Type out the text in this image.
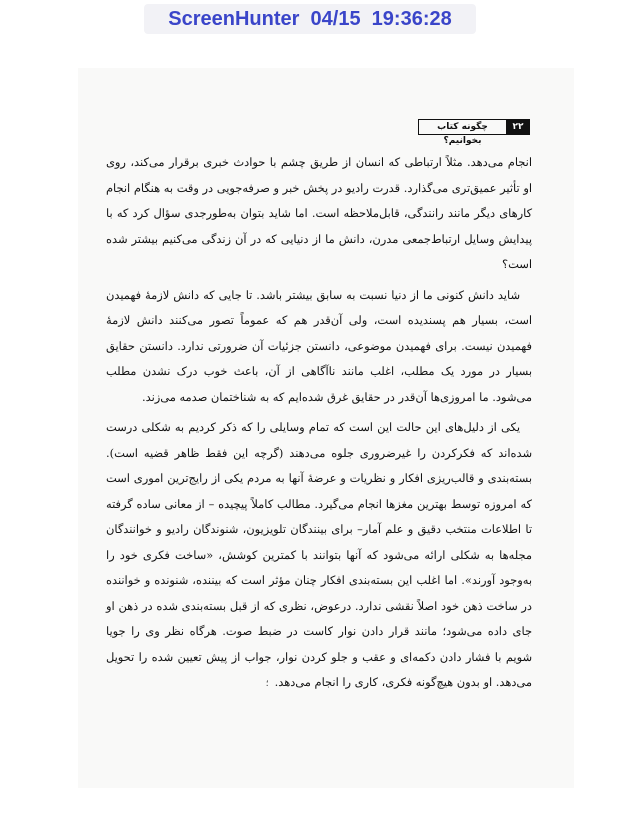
ScreenHunter  04/15  19:36:28
چگونه کتاب بخوانیم؟
۲۲

انجام می‌دهد. مثلاً ارتباطی که انسان از طریق چشم با حوادث خبری برقرار می‌کند، روی او تأثیر عمیق‌تری می‌گذارد. قدرت رادیو در پخش خبر و صرفه‌جویی در وقت به هنگام انجام کارهای دیگر مانند رانندگی، قابل‌ملاحظه است. اما شاید بتوان به‌طورجدی سؤال کرد که با پیدایش وسایل ارتباط‌جمعی مدرن، دانش ما از دنیایی که در آن زندگی می‌کنیم بیشتر شده است؟

شاید دانش کنونی ما از دنیا نسبت به سابق بیشتر باشد. تا جایی که دانش لازمهٔ فهمیدن است، بسیار هم پسندیده است، ولی آن‌قدر هم که عموماً تصور می‌کنند دانش لازمهٔ فهمیدن نیست. برای فهمیدن موضوعی، دانستن جزئیات آن ضرورتی ندارد. دانستن حقایق بسیار در مورد یک مطلب، اغلب مانند ناآگاهی از آن، باعث خوب درک نشدن مطلب می‌شود. ما امروزی‌ها آن‌قدر در حقایق غرق شده‌ایم که به شناختمان صدمه می‌زند.

یکی از دلیل‌های این حالت این است که تمام وسایلی را که ذکر کردیم به شکلی درست شده‌اند که فکرکردن را غیرضروری جلوه می‌دهند (گرچه این فقط ظاهر قضیه است). بسته‌بندی و قالب‌ریزی افکار و نظریات و عرضهٔ آنها به مردم یکی از رایج‌ترین اموری است که امروزه توسط بهترین مغزها انجام می‌گیرد. مطالب کاملاً پیچیده – از معانی ساده گرفته تا اطلاعات منتخب دقیق و علم آمار– برای بینندگان تلویزیون، شنوندگان رادیو و خوانندگان مجله‌ها به شکلی ارائه می‌شود که آنها بتوانند با کمترین کوشش، «ساخت فکری خود را به‌وجود آورند». اما اغلب این بسته‌بندی افکار چنان مؤثر است که بیننده، شنونده و خواننده در ساخت ذهن خود اصلاً نقشی ندارد. درعوض، نظری که از قبل بسته‌بندی شده در ذهن او جای داده می‌شود؛ مانند قرار دادن نوار کاست در ضبط صوت. هرگاه نظر وی را جویا شویم با فشار دادن دکمه‌ای و عقب و جلو کردن نوار، جواب از پیش تعیین شده را تحویل می‌دهد. او بدون هیچ‌گونه فکری، کاری را انجام می‌دهد.؛
